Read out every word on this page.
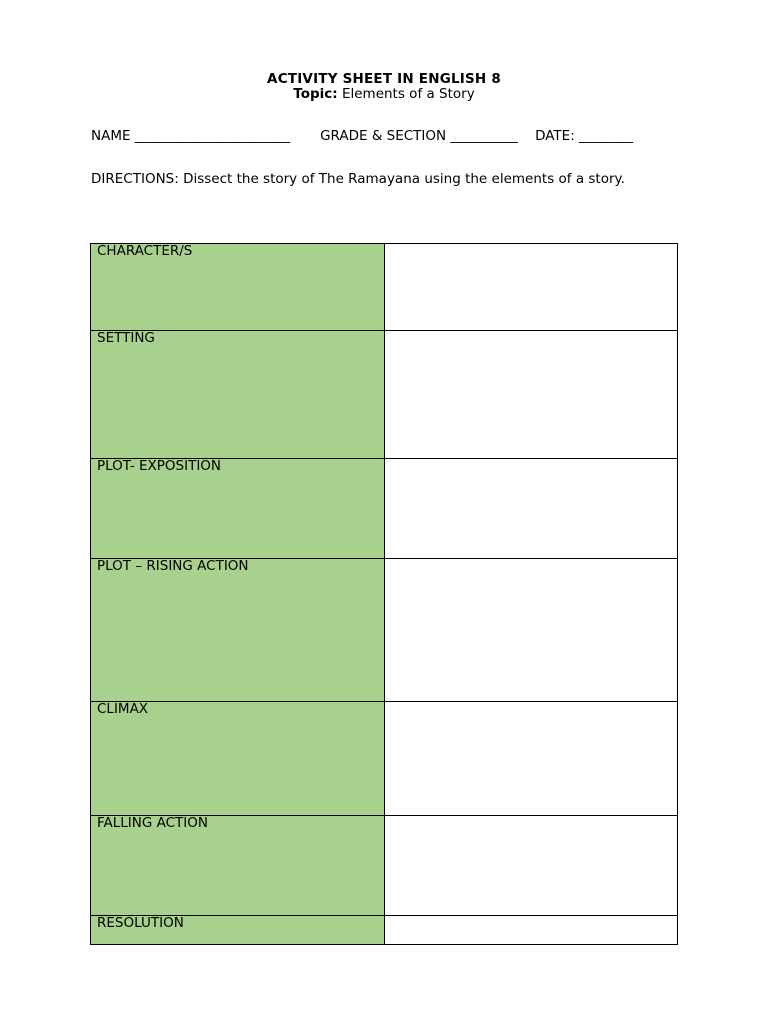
ACTIVITY SHEET IN ENGLISH 8
Topic: Elements of a Story
NAME _______________________       GRADE & SECTION __________    DATE: ________
DIRECTIONS: Dissect the story of The Ramayana using the elements of a story.
CHARACTER/S	

SETTING	

PLOT- EXPOSITION	

PLOT – RISING ACTION	

CLIMAX	

FALLING ACTION	

RESOLUTION	
